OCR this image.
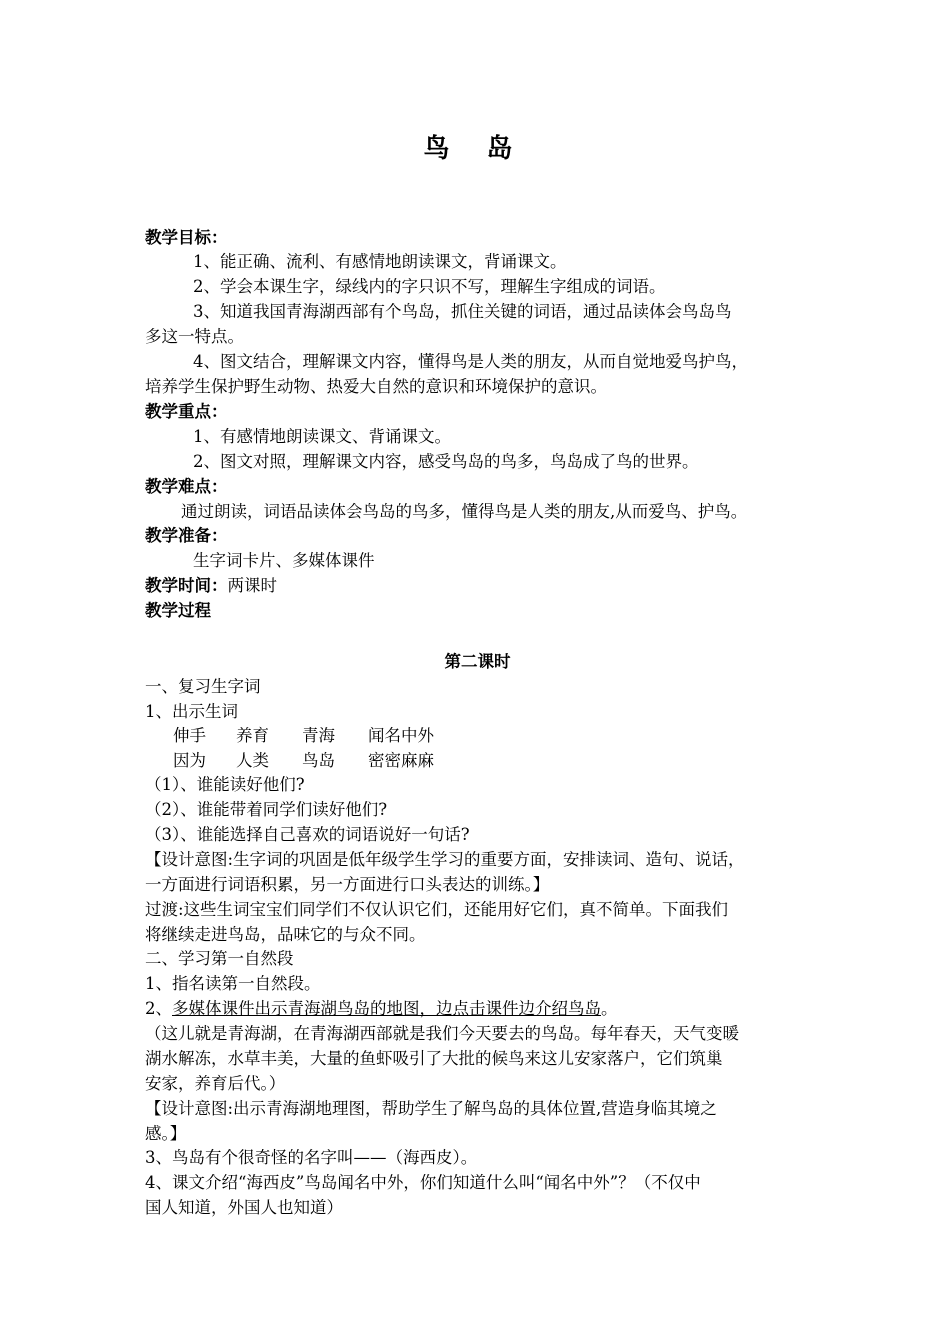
鸟 岛
教学目标：
1、能正确、流利、有感情地朗读课文，背诵课文。
2、学会本课生字，绿线内的字只识不写，理解生字组成的词语。
3、知道我国青海湖西部有个鸟岛，抓住关键的词语，通过品读体会鸟岛鸟
多这一特点。
4、图文结合，理解课文内容，懂得鸟是人类的朋友，从而自觉地爱鸟护鸟，
培养学生保护野生动物、热爱大自然的意识和环境保护的意识。
教学重点：
1、有感情地朗读课文、背诵课文。
2、图文对照，理解课文内容，感受鸟岛的鸟多，鸟岛成了鸟的世界。
教学难点：
通过朗读，词语品读体会鸟岛的鸟多，懂得鸟是人类的朋友,从而爱鸟、护鸟。
教学准备：
生字词卡片、多媒体课件
教学时间：两课时
教学过程
第二课时
一、复习生字词
1、出示生词
伸手 养育 青海 闻名中外
因为 人类 鸟岛 密密麻麻
（1）、谁能读好他们?
（2）、谁能带着同学们读好他们?
（3）、谁能选择自己喜欢的词语说好一句话?
【设计意图:生字词的巩固是低年级学生学习的重要方面，安排读词、造句、说话，
一方面进行词语积累，另一方面进行口头表达的训练。】
过渡:这些生词宝宝们同学们不仅认识它们，还能用好它们，真不简单。下面我们
将继续走进鸟岛，品味它的与众不同。
二、学习第一自然段
1、指名读第一自然段。
2、多媒体课件出示青海湖鸟岛的地图，边点击课件边介绍鸟岛。
（这儿就是青海湖，在青海湖西部就是我们今天要去的鸟岛。每年春天，天气变暖
湖水解冻，水草丰美，大量的鱼虾吸引了大批的候鸟来这儿安家落户，它们筑巢
安家，养育后代。）
【设计意图:出示青海湖地理图，帮助学生了解鸟岛的具体位置,营造身临其境之
感。】
3、鸟岛有个很奇怪的名字叫——（海西皮）。
4、课文介绍“海西皮”鸟岛闻名中外，你们知道什么叫“闻名中外”？（不仅中
国人知道，外国人也知道）
